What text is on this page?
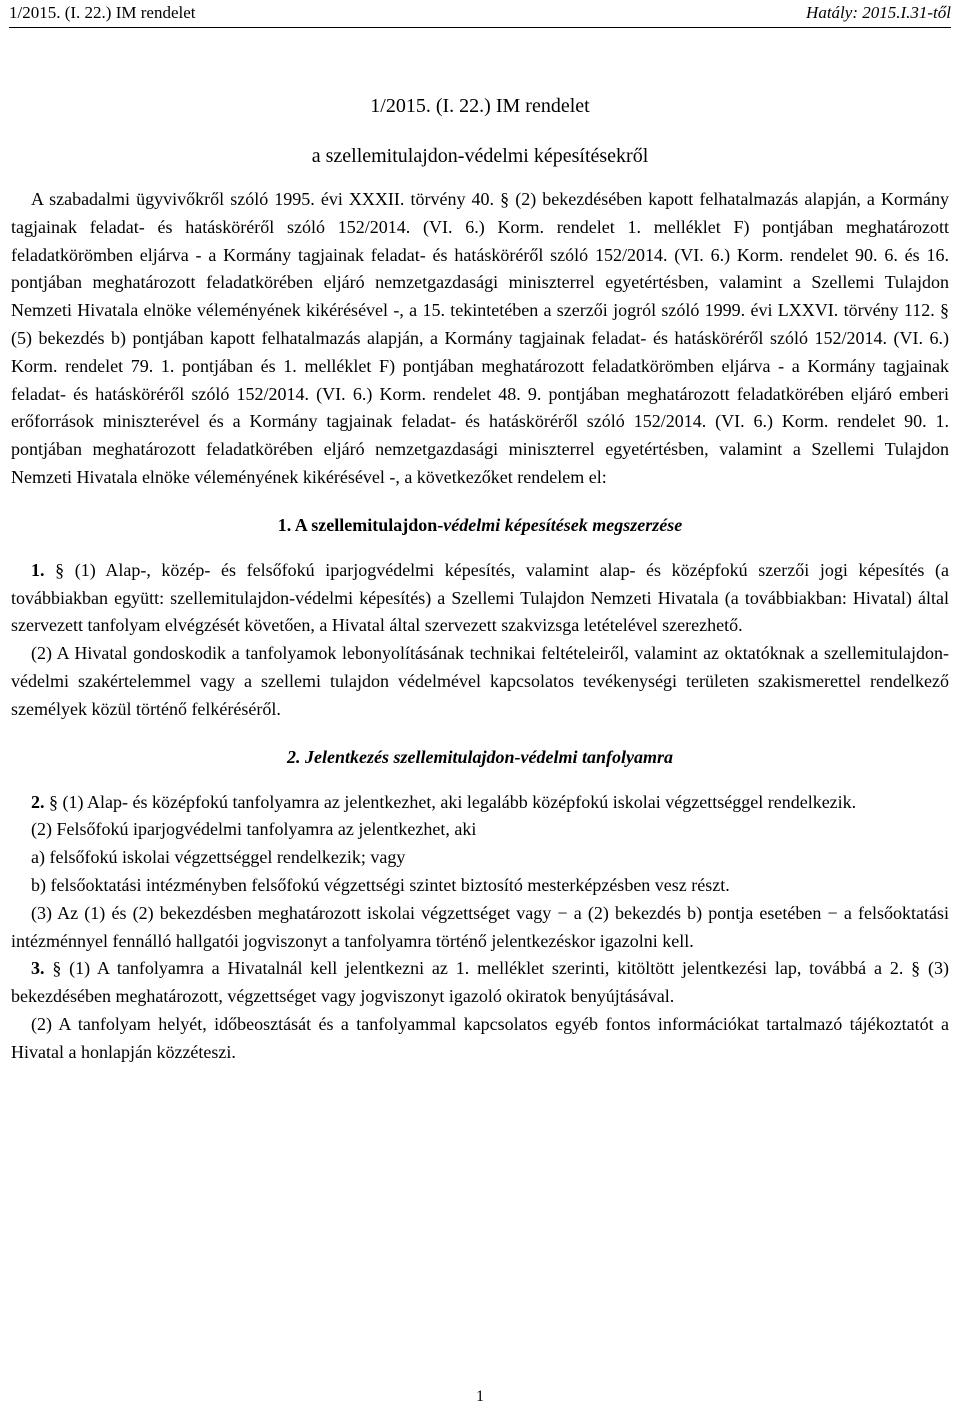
1/2015. (I. 22.) IM rendelet	Hatály: 2015.I.31-től
1/2015. (I. 22.) IM rendelet
a szellemitulajdon-védelmi képesítésekről

A szabadalmi ügyvivőkről szóló 1995. évi XXXII. törvény 40. § (2) bekezdésében kapott felhatalmazás alapján, a Kormány tagjainak feladat- és hatásköréről szóló 152/2014. (VI. 6.) Korm. rendelet 1. melléklet F) pontjában meghatározott feladatkörömben eljárva - a Kormány tagjainak feladat- és hatásköréről szóló 152/2014. (VI. 6.) Korm. rendelet 90. 6. és 16. pontjában meghatározott feladatkörében eljáró nemzetgazdasági miniszterrel egyetértésben, valamint a Szellemi Tulajdon Nemzeti Hivatala elnöke véleményének kikérésével -, a 15. tekintetében a szerzői jogról szóló 1999. évi LXXVI. törvény 112. § (5) bekezdés b) pontjában kapott felhatalmazás alapján, a Kormány tagjainak feladat- és hatásköréről szóló 152/2014. (VI. 6.) Korm. rendelet 79. 1. pontjában és 1. melléklet F) pontjában meghatározott feladatkörömben eljárva - a Kormány tagjainak feladat- és hatásköréről szóló 152/2014. (VI. 6.) Korm. rendelet 48. 9. pontjában meghatározott feladatkörében eljáró emberi erőforrások miniszterével és a Kormány tagjainak feladat- és hatásköréről szóló 152/2014. (VI. 6.) Korm. rendelet 90. 1. pontjában meghatározott feladatkörében eljáró nemzetgazdasági miniszterrel egyetértésben, valamint a Szellemi Tulajdon Nemzeti Hivatala elnöke véleményének kikérésével -, a következőket rendelem el:

1. A szellemitulajdon-védelmi képesítések megszerzése

1. § (1) Alap-, közép- és felsőfokú iparjogvédelmi képesítés, valamint alap- és középfokú szerzői jogi képesítés (a továbbiakban együtt: szellemitulajdon-védelmi képesítés) a Szellemi Tulajdon Nemzeti Hivatala (a továbbiakban: Hivatal) által szervezett tanfolyam elvégzését követően, a Hivatal által szervezett szakvizsga letételével szerezhető.

(2) A Hivatal gondoskodik a tanfolyamok lebonyolításának technikai feltételeiről, valamint az oktatóknak a szellemitulajdon-védelmi szakértelemmel vagy a szellemi tulajdon védelmével kapcsolatos tevékenységi területen szakismerettel rendelkező személyek közül történő felkéréséről.

2. Jelentkezés szellemitulajdon-védelmi tanfolyamra

2. § (1) Alap- és középfokú tanfolyamra az jelentkezhet, aki legalább középfokú iskolai végzettséggel rendelkezik.

(2) Felsőfokú iparjogvédelmi tanfolyamra az jelentkezhet, aki

a) felsőfokú iskolai végzettséggel rendelkezik; vagy

b) felsőoktatási intézményben felsőfokú végzettségi szintet biztosító mesterképzésben vesz részt.

(3) Az (1) és (2) bekezdésben meghatározott iskolai végzettséget vagy − a (2) bekezdés b) pontja esetében − a felsőoktatási intézménnyel fennálló hallgatói jogviszonyt a tanfolyamra történő jelentkezéskor igazolni kell.

3. § (1) A tanfolyamra a Hivatalnál kell jelentkezni az 1. melléklet szerinti, kitöltött jelentkezési lap, továbbá a 2. § (3) bekezdésében meghatározott, végzettséget vagy jogviszonyt igazoló okiratok benyújtásával.

(2) A tanfolyam helyét, időbeosztását és a tanfolyammal kapcsolatos egyéb fontos információkat tartalmazó tájékoztatót a Hivatal a honlapján közzéteszi.

1
